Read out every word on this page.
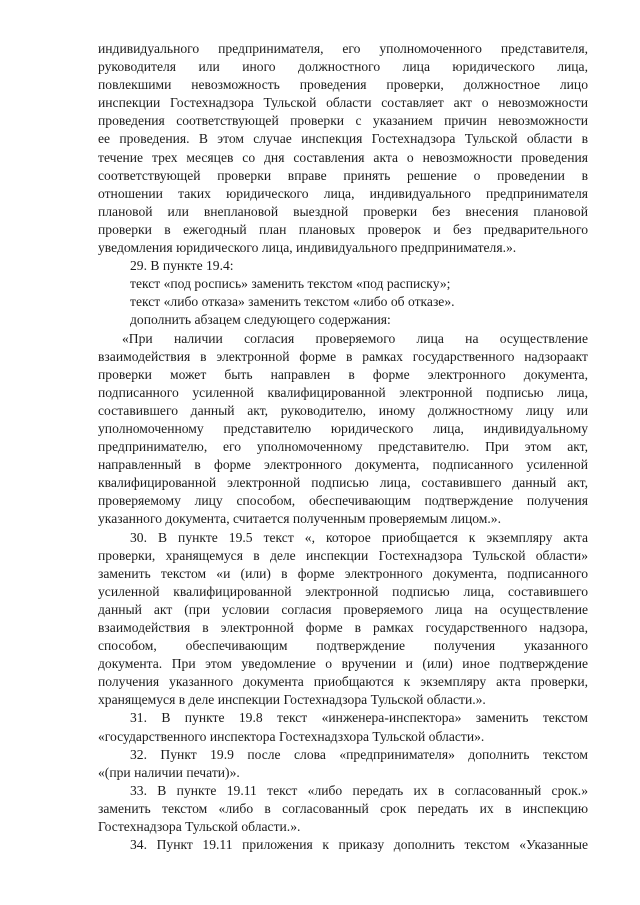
индивидуального предпринимателя, его уполномоченного представителя,

руководителя или иного должностного лица юридического лица,

повлекшими невозможность проведения проверки, должностное лицо

инспекции Гостехнадзора Тульской области составляет акт о невозможности

проведения соответствующей проверки с указанием причин невозможности

ее проведения. В этом случае инспекция Гостехнадзора Тульской области в

течение трех месяцев со дня составления акта о невозможности проведения

соответствующей проверки вправе принять решение о проведении в

отношении таких юридического лица, индивидуального предпринимателя

плановой или внеплановой выездной проверки без внесения плановой

проверки в ежегодный план плановых проверок и без предварительного

уведомления юридического лица, индивидуального предпринимателя.».

29. В пункте 19.4:

текст «под роспись» заменить текстом «под расписку»;

текст «либо отказа» заменить текстом «либо об отказе».

дополнить абзацем следующего содержания:

«При наличии согласия проверяемого лица на осуществление

взаимодействия в электронной форме в рамках государственного надзораакт

проверки может быть направлен в форме электронного документа,

подписанного усиленной квалифицированной электронной подписью лица,

составившего данный акт, руководителю, иному должностному лицу или

уполномоченному представителю юридического лица, индивидуальному

предпринимателю, его уполномоченному представителю. При этом акт,

направленный в форме электронного документа, подписанного усиленной

квалифицированной электронной подписью лица, составившего данный акт,

проверяемому лицу способом, обеспечивающим подтверждение получения

указанного документа, считается полученным проверяемым лицом.».

30. В пункте 19.5 текст «, которое приобщается к экземпляру акта

проверки, хранящемуся в деле инспекции Гостехнадзора Тульской области»

заменить текстом «и (или) в форме электронного документа, подписанного

усиленной квалифицированной электронной подписью лица, составившего

данный акт (при условии согласия проверяемого лица на осуществление

взаимодействия в электронной форме в рамках государственного надзора,

способом, обеспечивающим подтверждение получения указанного

документа. При этом уведомление о вручении и (или) иное подтверждение

получения указанного документа приобщаются к экземпляру акта проверки,

хранящемуся в деле инспекции Гостехнадзора Тульской области.».

31. В пункте 19.8 текст «инженера-инспектора» заменить текстом

«государственного инспектора Гостехнадзхора Тульской области».

32. Пункт 19.9 после слова «предпринимателя» дополнить текстом

«(при наличии печати)».

33. В пункте 19.11 текст «либо передать их в согласованный срок.»

заменить текстом «либо в согласованный срок передать их в инспекцию

Гостехнадзора Тульской области.».

34. Пункт 19.11 приложения к приказу дополнить текстом «Указанные
